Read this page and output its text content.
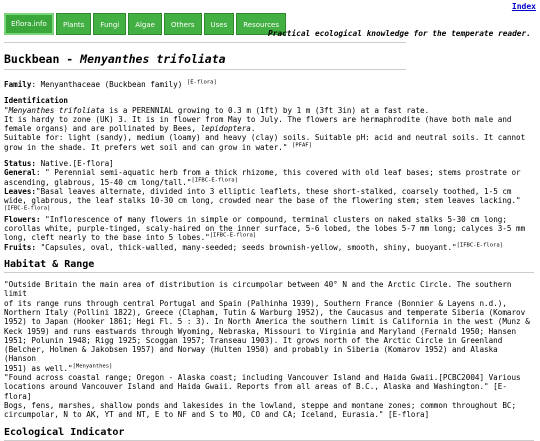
Index
Eflora.info	Plants	Fungi	Algae	Others	Uses	Resources
Practical ecological knowledge for the temperate reader.
Buckbean - Menyanthes trifoliata

Family: Menyanthaceae (Buckbean family) [E-flora]

Identification

"Menyanthes trifoliata is a PERENNIAL growing to 0.3 m (1ft) by 1 m (3ft 3in) at a fast rate.
It is hardy to zone (UK) 3. It is in flower from May to July. The flowers are hermaphrodite (have both male and
female organs) and are pollinated by Bees, lepidoptera.
Suitable for: light (sandy), medium (loamy) and heavy (clay) soils. Suitable pH: acid and neutral soils. It cannot
grow in the shade. It prefers wet soil and can grow in water." [PFAF]

Status: Native.[E-flora]

General: " Perennial semi-aquatic herb from a thick rhizome, this covered with old leaf bases; stems prostrate or
ascending, glabrous, 15-40 cm long/tall."[IFBC-E-flora]

Leaves:"Basal leaves alternate, divided into 3 elliptic leaflets, these short-stalked, coarsely toothed, 1-5 cm
wide, glabrous, the leaf stalks 10-30 cm long, crowded near the base of the flowering stem; stem leaves lacking."
[IFBC-E-flora]

Flowers: "Inflorescence of many flowers in simple or compound, terminal clusters on naked stalks 5-30 cm long;
corollas white, purple-tinged, scaly-haired on the inner surface, 5-6 lobed, the lobes 5-7 mm long; calyces 3-5 mm
long, cleft nearly to the base into 5 lobes."[IFBC-E-flora]

Fruits: "Capsules, oval, thick-walled, many-seeded; seeds brownish-yellow, smooth, shiny, buoyant."[IFBC-E-flora]

Habitat & Range

"Outside Britain the main area of distribution is circumpolar between 40° N and the Arctic Circle. The southern limit
of its range runs through central Portugal and Spain (Palhinha 1939), Southern France (Bonnier & Layens n.d.),
Northern Italy (Pollini 1822), Greece (Clapham, Tutin & Warburg 1952), the Caucasus and temperate Siberia (Komarov
1952) to Japan (Hooker 1861; Hegi Fl. 5 : 3). In North America the southern limit is California in the west (Munz &
Keck 1959) and runs eastwards through Wyoming, Nebraska, Missouri to Virginia and Maryland (Fernald 1950; Hansen
1951; Polunin 1948; Rigg 1925; Scoggan 1957; Transeau 1903). It grows north of the Arctic Circle in Greenland
(Belcher, Holmen & Jakobsen 1957) and Norway (Hulten 1950) and probably in Siberia (Komarov 1952) and Alaska (Hanson
1951) as well."[Menyanthes]
"Found across coastal range; Oregon - Alaska coast; including Vancouver Island and Haida Gwaii.[PCBC2004] Various
locations around Vancouver Island and Haida Gwaii. Reports from all areas of B.C., Alaska and Washington." [E-flora]
Bogs, fens, marshes, shallow ponds and lakesides in the lowland, steppe and montane zones; common throughout BC;
circumpolar, N to AK, YT and NT, E to NF and S to MO, CO and CA; Iceland, Eurasia." [E-flora]

Ecological Indicator
